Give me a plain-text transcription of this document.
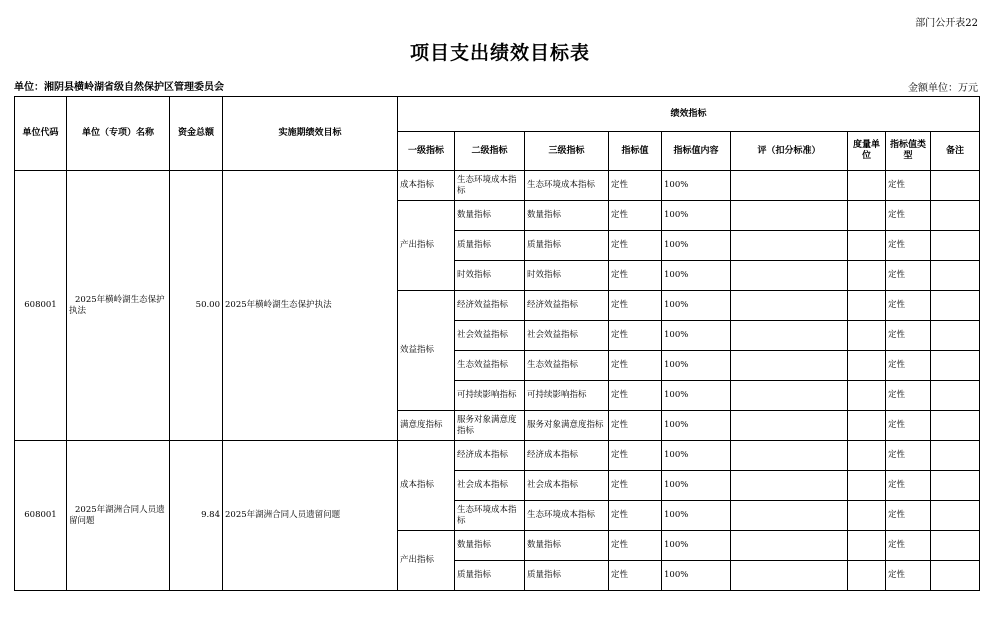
部门公开表22
项目支出绩效目标表
单位：湘阴县横岭湖省级自然保护区管理委员会	金额单位：万元
单位代码	单位（专项）名称	资金总额	实施期绩效目标	绩效指标								
				一级指标	二级指标	三级指标	指标值	指标值内容	评（扣分标准）	度量单位	指标值类型	备注
608001	2025年横岭湖生态保护执法	50.00	2025年横岭湖生态保护执法	成本指标	生态环境成本指标	生态环境成本指标	定性	100%			定性	
				产出指标	数量指标	数量指标	定性	100%			定性	
					质量指标	质量指标	定性	100%			定性	
					时效指标	时效指标	定性	100%			定性	
				效益指标	经济效益指标	经济效益指标	定性	100%			定性	
					社会效益指标	社会效益指标	定性	100%			定性	
					生态效益指标	生态效益指标	定性	100%			定性	
					可持续影响指标	可持续影响指标	定性	100%			定性	
				满意度指标	服务对象满意度指标	服务对象满意度指标	定性	100%			定性	
608001	2025年湖洲合同人员遗留问题	9.84	2025年湖洲合同人员遗留问题	成本指标	经济成本指标	经济成本指标	定性	100%			定性	
					社会成本指标	社会成本指标	定性	100%			定性	
					生态环境成本指标	生态环境成本指标	定性	100%			定性	
				产出指标	数量指标	数量指标	定性	100%			定性	
					质量指标	质量指标	定性	100%			定性	
